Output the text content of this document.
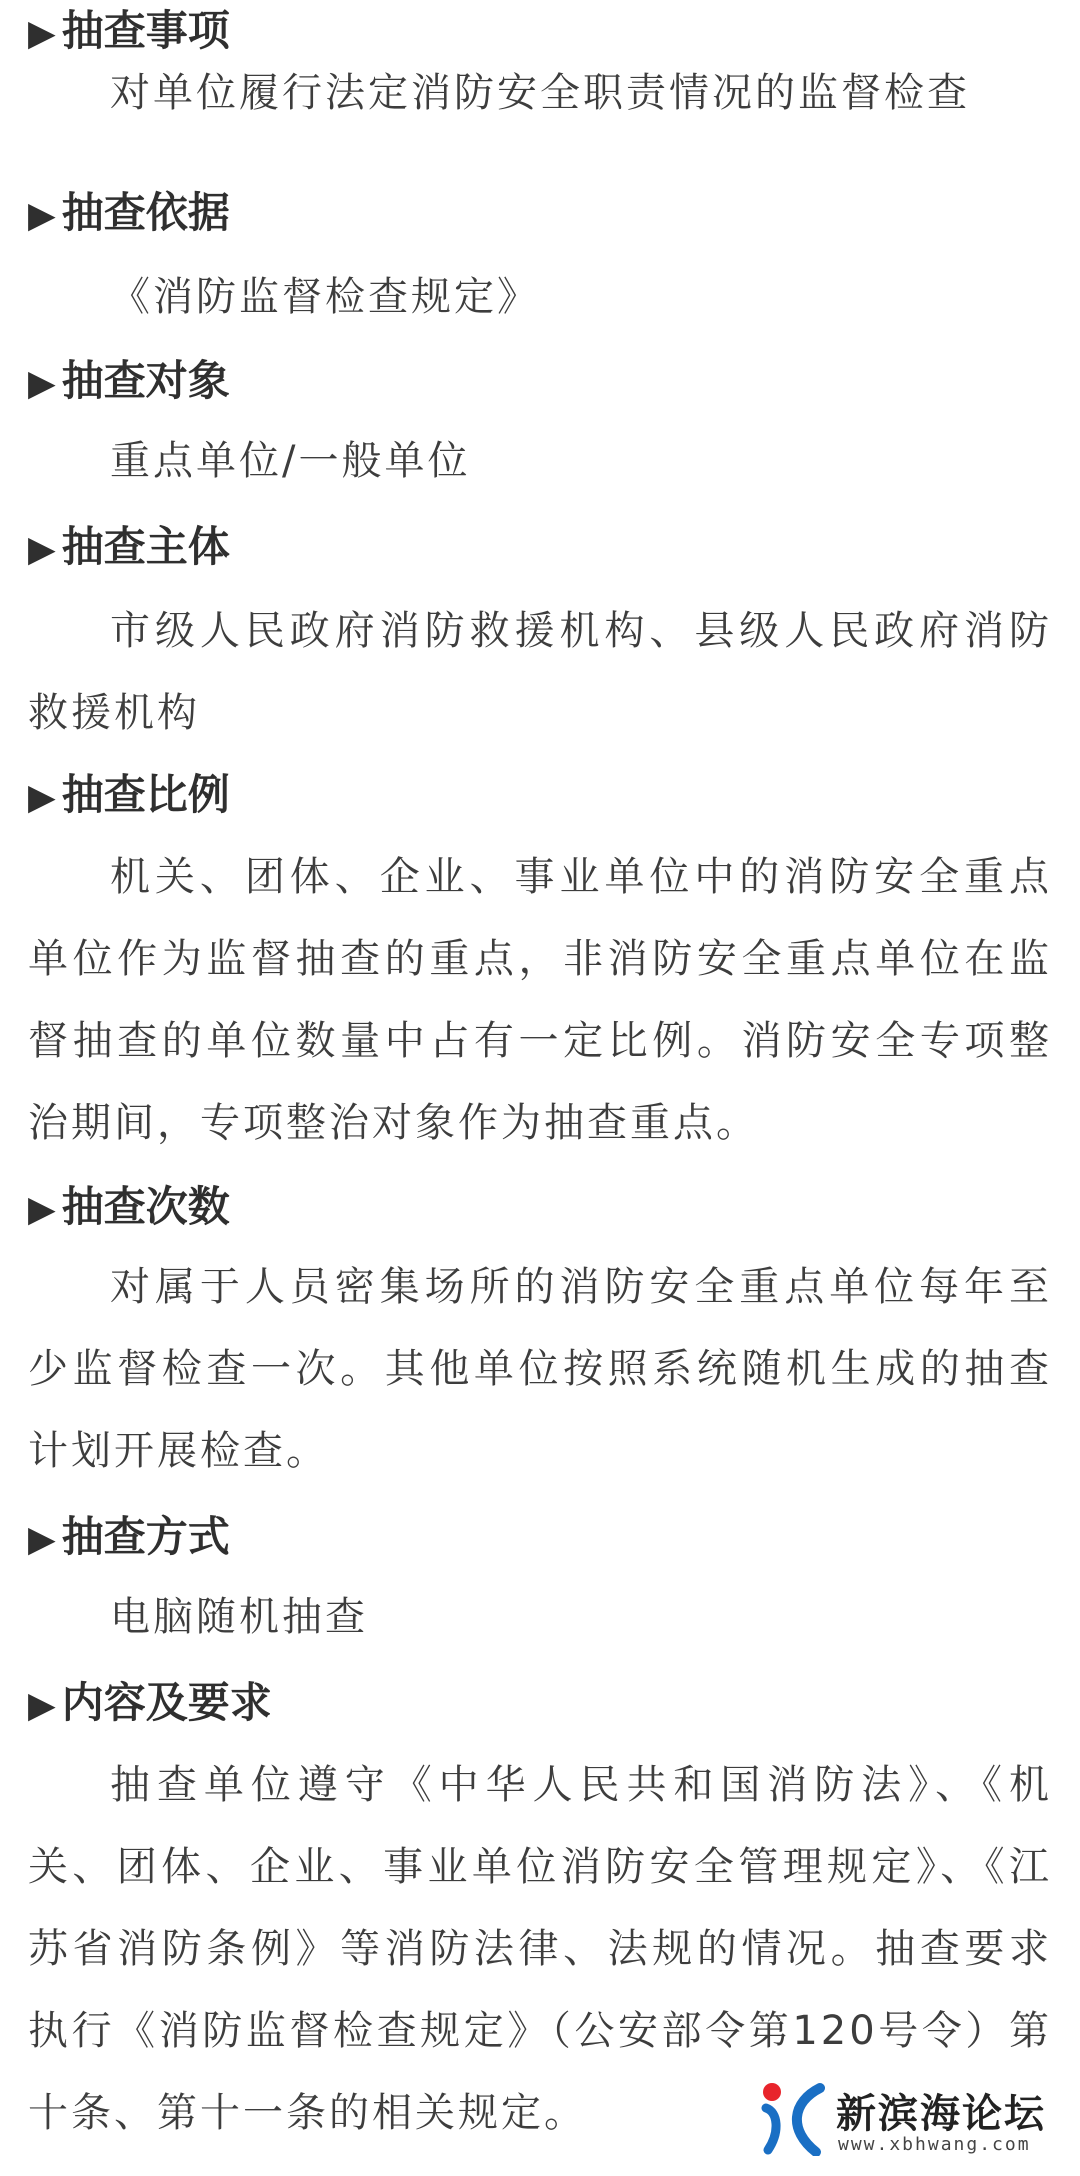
▶ 抽查事项
对单位履行法定消防安全职责情况的监督检查
▶ 抽查依据
《消防监督检查规定》
▶ 抽查对象
重点单位/一般单位
▶ 抽查主体
市级人民政府消防救援机构、县级人民政府消防救援机构
▶ 抽查比例
机关、团体、企业、事业单位中的消防安全重点单位作为监督抽查的重点，非消防安全重点单位在监督抽查的单位数量中占有一定比例。消防安全专项整治期间，专项整治对象作为抽查重点。
▶ 抽查次数
对属于人员密集场所的消防安全重点单位每年至少监督检查一次。其他单位按照系统随机生成的抽查计划开展检查。
▶ 抽查方式
电脑随机抽查
▶ 内容及要求
抽查单位遵守《中华人民共和国消防法》、《机关、团体、企业、事业单位消防安全管理规定》、《江苏省消防条例》等消防法律、法规的情况。抽查要求执行《消防监督检查规定》（公安部令第120号令）第十条、第十一条的相关规定。	新滨海论坛
www.xbhwang.com
